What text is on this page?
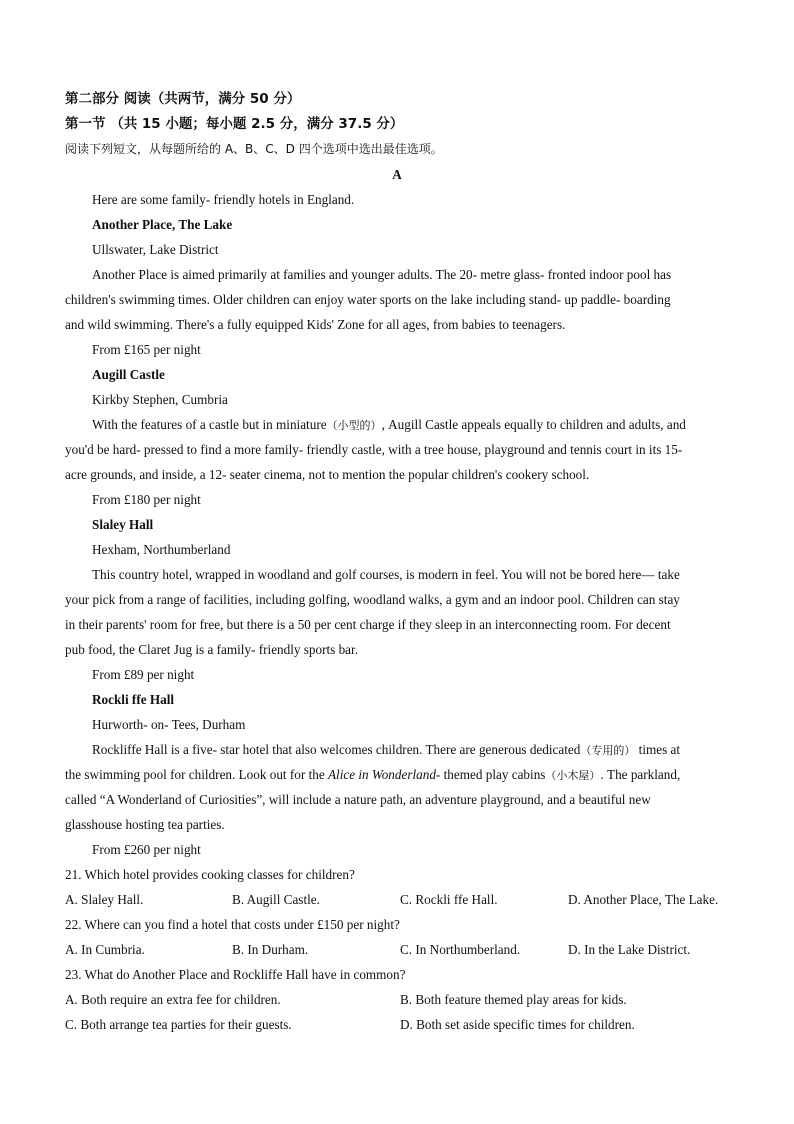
第二部分 阅读（共两节，满分 50 分）
第一节 （共 15 小题；每小题 2.5 分，满分 37.5 分）
阅读下列短文，从每题所给的 A、B、C、D 四个选项中选出最佳选项。
A
Here are some family- friendly hotels in England.
Another Place, The Lake
Ullswater, Lake District
Another Place is aimed primarily at families and younger adults. The 20- metre glass- fronted indoor pool has
children's swimming times. Older children can enjoy water sports on the lake including stand- up paddle- boarding
and wild swimming. There's a fully equipped Kids' Zone for all ages, from babies to teenagers.
From £165 per night
Augill Castle
Kirkby Stephen, Cumbria
With the features of a castle but in miniature（小型的）, Augill Castle appeals equally to children and adults, and
you'd be hard- pressed to find a more family- friendly castle, with a tree house, playground and tennis court in its 15-
acre grounds, and inside, a 12- seater cinema, not to mention the popular children's cookery school.
From £180 per night
Slaley Hall
Hexham, Northumberland
This country hotel, wrapped in woodland and golf courses, is modern in feel. You will not be bored here— take
your pick from a range of facilities, including golfing, woodland walks, a gym and an indoor pool. Children can stay
in their parents' room for free, but there is a 50 per cent charge if they sleep in an interconnecting room. For decent
pub food, the Claret Jug is a family- friendly sports bar.
From £89 per night
Rockli ffe Hall
Hurworth- on- Tees, Durham
Rockliffe Hall is a five- star hotel that also welcomes children. There are generous dedicated（专用的） times at
the swimming pool for children. Look out for the Alice in Wonderland- themed play cabins（小木屋）. The parkland,
called “A Wonderland of Curiosities”, will include a nature path, an adventure playground, and a beautiful new
glasshouse hosting tea parties.
From £260 per night
21. Which hotel provides cooking classes for children?
A. Slaley Hall.	B. Augill Castle.	C. Rockli ffe Hall.	D. Another Place, The Lake.
22. Where can you find a hotel that costs under £150 per night?
A. In Cumbria.	B. In Durham.	C. In Northumberland.	D. In the Lake District.
23. What do Another Place and Rockliffe Hall have in common?
A. Both require an extra fee for children.	B. Both feature themed play areas for kids.
C. Both arrange tea parties for their guests.	D. Both set aside specific times for children.
